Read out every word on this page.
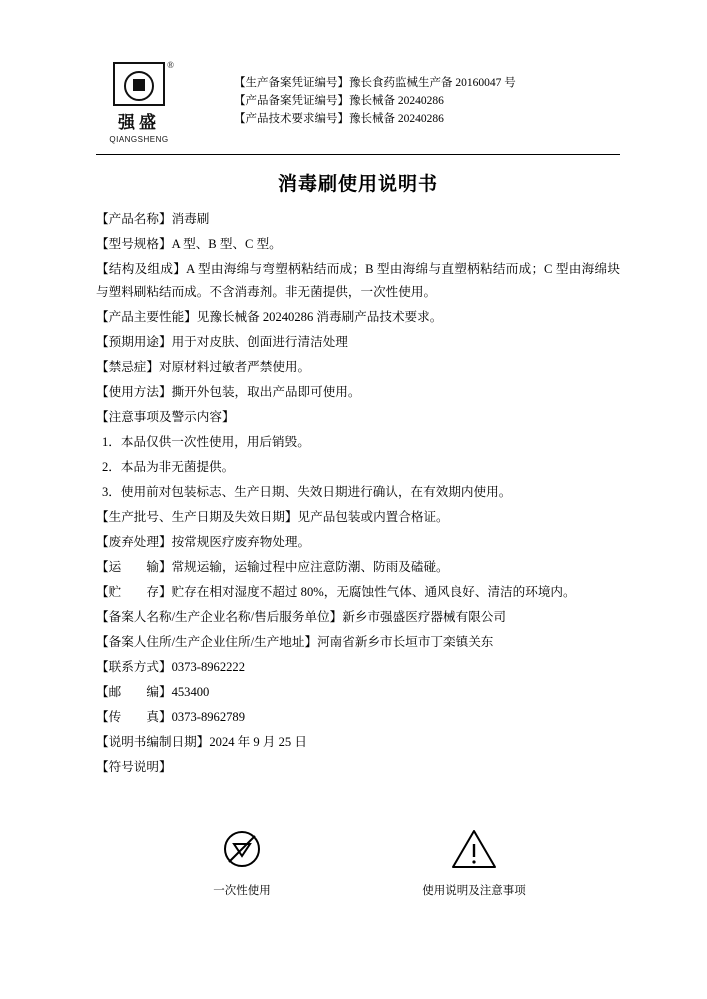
®
强盛
QIANGSHENG
【生产备案凭证编号】豫长食药监械生产备 20160047 号
【产品备案凭证编号】豫长械备 20240286
【产品技术要求编号】豫长械备 20240286
消毒刷使用说明书

【产品名称】消毒刷

【型号规格】A 型、B 型、C 型。

【结构及组成】A 型由海绵与弯塑柄粘结而成；B 型由海绵与直塑柄粘结而成；C 型由海绵块与塑料刷粘结而成。不含消毒剂。非无菌提供，一次性使用。

【产品主要性能】见豫长械备 20240286 消毒刷产品技术要求。

【预期用途】用于对皮肤、创面进行清洁处理

【禁忌症】对原材料过敏者严禁使用。

【使用方法】撕开外包装，取出产品即可使用。

【注意事项及警示内容】

1．本品仅供一次性使用，用后销毁。

2．本品为非无菌提供。

3．使用前对包装标志、生产日期、失效日期进行确认，在有效期内使用。

【生产批号、生产日期及失效日期】见产品包装或内置合格证。

【废弃处理】按常规医疗废弃物处理。

【运　　输】常规运输，运输过程中应注意防潮、防雨及磕碰。

【贮　　存】贮存在相对湿度不超过 80%，无腐蚀性气体、通风良好、清洁的环境内。

【备案人名称/生产企业名称/售后服务单位】新乡市强盛医疗器械有限公司

【备案人住所/生产企业住所/生产地址】河南省新乡市长垣市丁栾镇关东

【联系方式】0373-8962222

【邮　　编】453400

【传　　真】0373-8962789

【说明书编制日期】2024 年 9 月 25 日

【符号说明】

一次性使用	使用说明及注意事项
